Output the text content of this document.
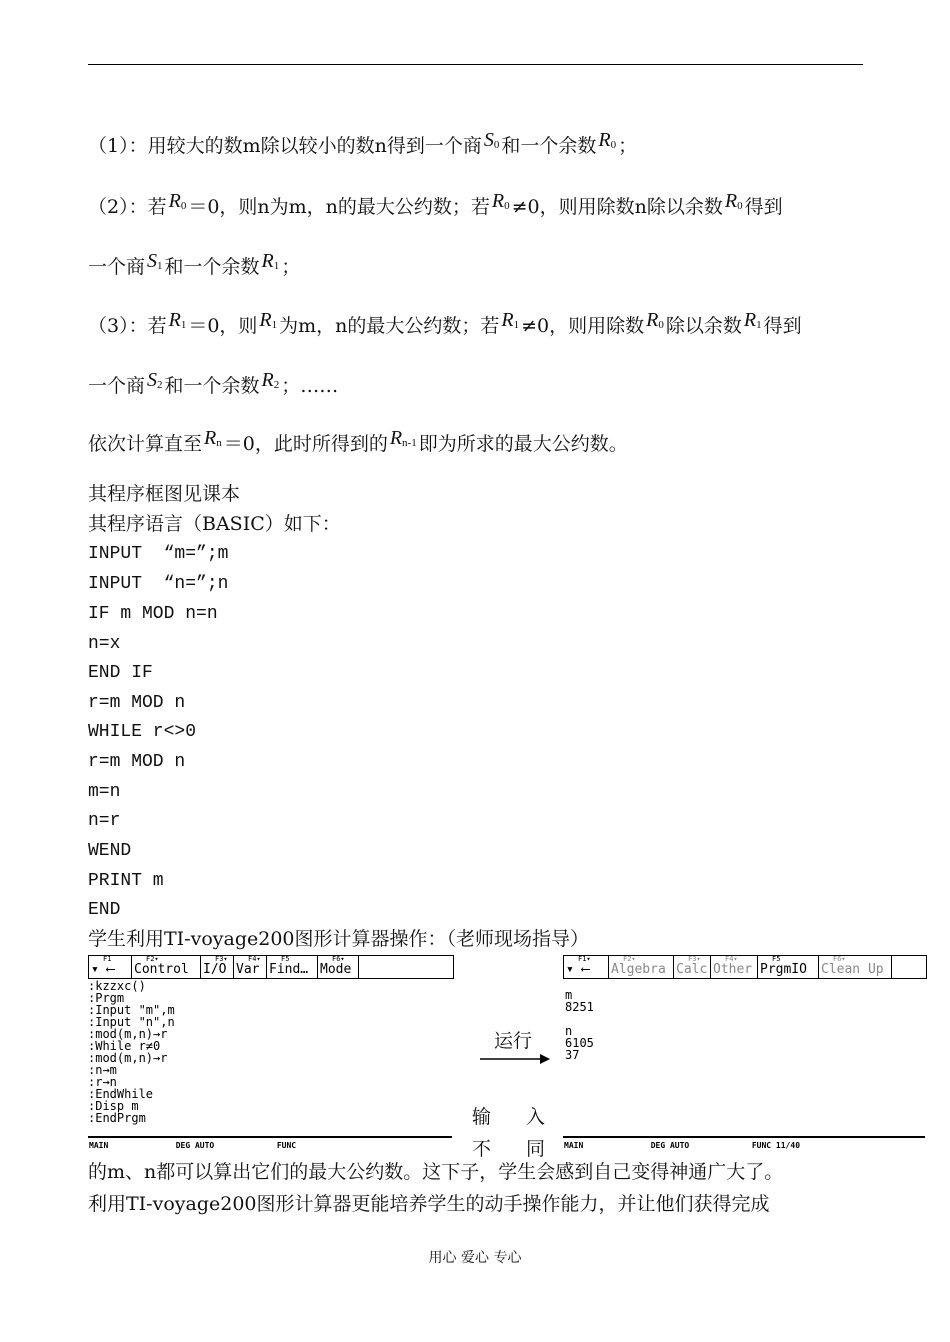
（1）：用较大的数m除以较小的数n得到一个商 $S_0$ 和一个余数 $R_0$ ；
（2）：若 $R_0 =0$，则n为m，n的最大公约数；若 $R_0 \ne 0$，则用除数n除以余数 $R_0$ 得到
一个商 $S_1$ 和一个余数 $R_1$ ；
（3）：若 $R_1 =0$，则 $R_1$ 为m，n的最大公约数；若 $R_1 \ne 0$，则用除数 $R_0$ 除以余数 $R_1$ 得到
一个商 $S_2$ 和一个余数 $R_2$ ；……
依次计算直至 $R_n =0$，此时所得到的 $R_{n-1}$ 即为所求的最大公约数。
其程序框图见课本
其程序语言（BASIC）如下：
INPUT  “m=”;m
INPUT  “n=”;n
IF m MOD n=n
n=x
END IF
r=m MOD n
WHILE r<>0
r=m MOD n
m=n
n=r
WEND
PRINT m
END
学生利用TI-voyage200图形计算器操作：（老师现场指导）
F1
▾ ⟵
F2▾
Control
F3▾
I/O
F4▾
Var
F5
Find…
F6▾
Mode
:kzzxc()
:Prgm
:Input "m",m
:Input "n",n
:mod(m,n)→r
:While r≠0
:mod(m,n)→r
:n→m
:r→n
:EndWhile
:Disp m
:EndPrgm
MAIN              DEG AUTO             FUNC
运行
输 入
不 同
F1▾
▾ ⟵
F2▾
Algebra
F3▾
Calc
F4▾
Other
F5
PrgmIO
F6▾
Clean Up
m
8251

n
6105
37
MAIN              DEG AUTO             FUNC 11/40
的m、n都可以算出它们的最大公约数。这下子，学生会感到自己变得神通广大了。
利用TI-voyage200图形计算器更能培养学生的动手操作能力，并让他们获得完成
用心 爱心 专心
